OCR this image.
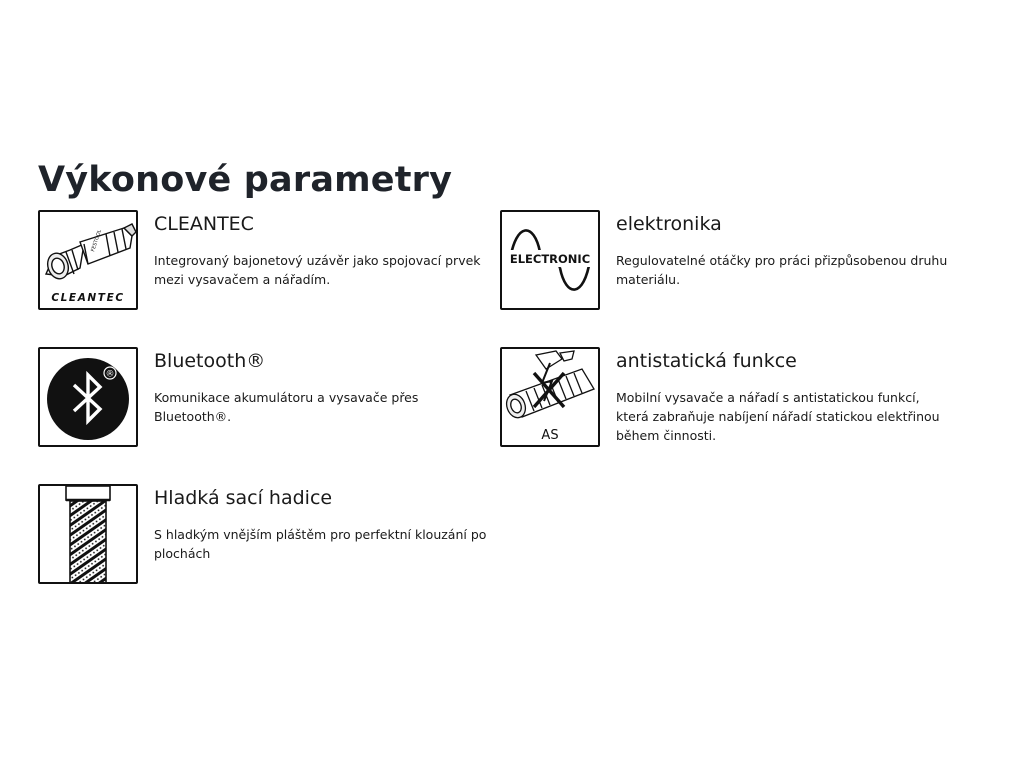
Výkonové parametry
FESTOOL
CLEANTEC
CLEANTEC
Integrovaný bajonetový uzávěr jako spojovací prvek mezi vysavačem a nářadím.
ELECTRONIC
elektronika
Regulovatelné otáčky pro práci přizpůsobenou druhu materiálu.
®
Bluetooth®
Komunikace akumulátoru a vysavače přes Bluetooth®.
AS
antistatická funkce
Mobilní vysavače a nářadí s antistatickou funkcí, která zabraňuje nabíjení nářadí statickou elektřinou během činnosti.
Hladká sací hadice
S hladkým vnějším pláštěm pro perfektní klouzání po plochách
